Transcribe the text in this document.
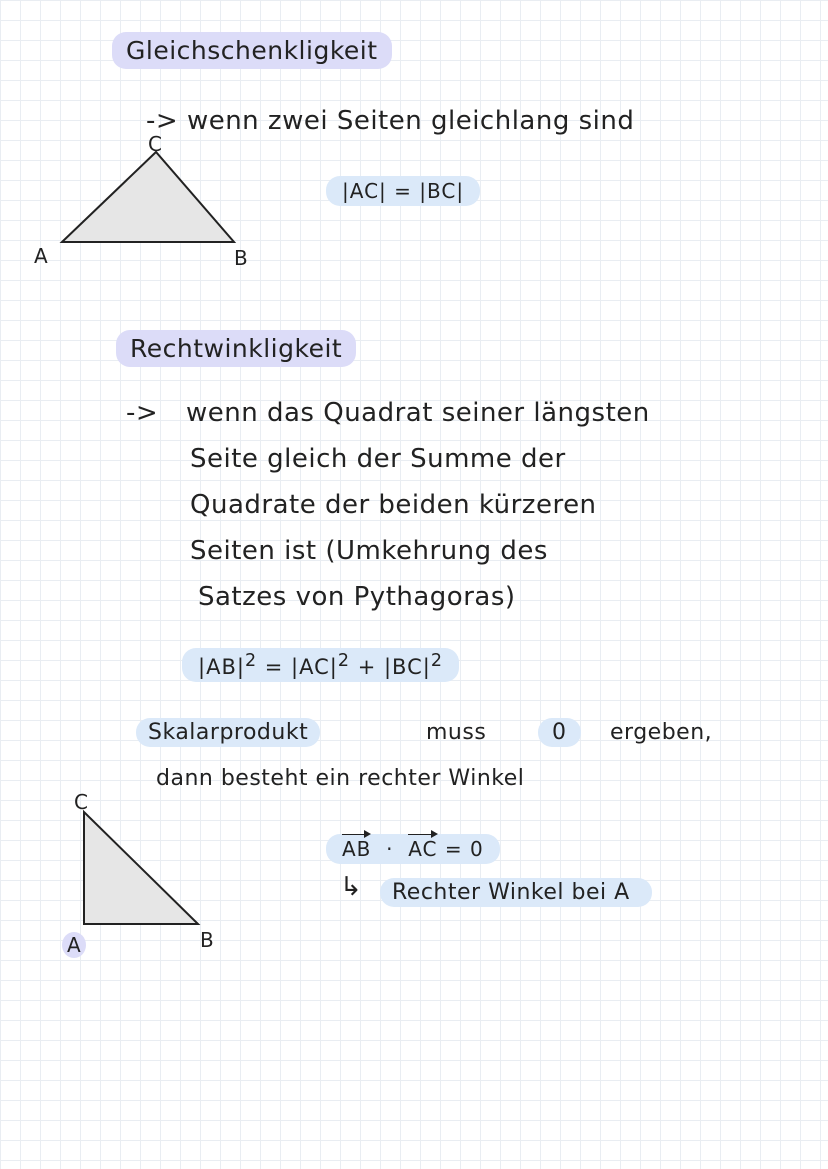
Gleichschenkligkeit
-> wenn zwei Seiten gleichlang sind
|AC| = |BC|
C
A	B
Rechtwinkligkeit
-> wenn das Quadrat seiner längsten
Seite gleich der Summe der
Quadrate der beiden kürzeren
Seiten ist (Umkehrung des
Satzes von Pythagoras)
$|AB|^2 = |AC|^2 + |BC|^2$
Skalarprodukt	muss	0	ergeben,
dann besteht ein rechter Winkel
AB · AC = 0
↳	Rechter Winkel bei A
C
A	B
